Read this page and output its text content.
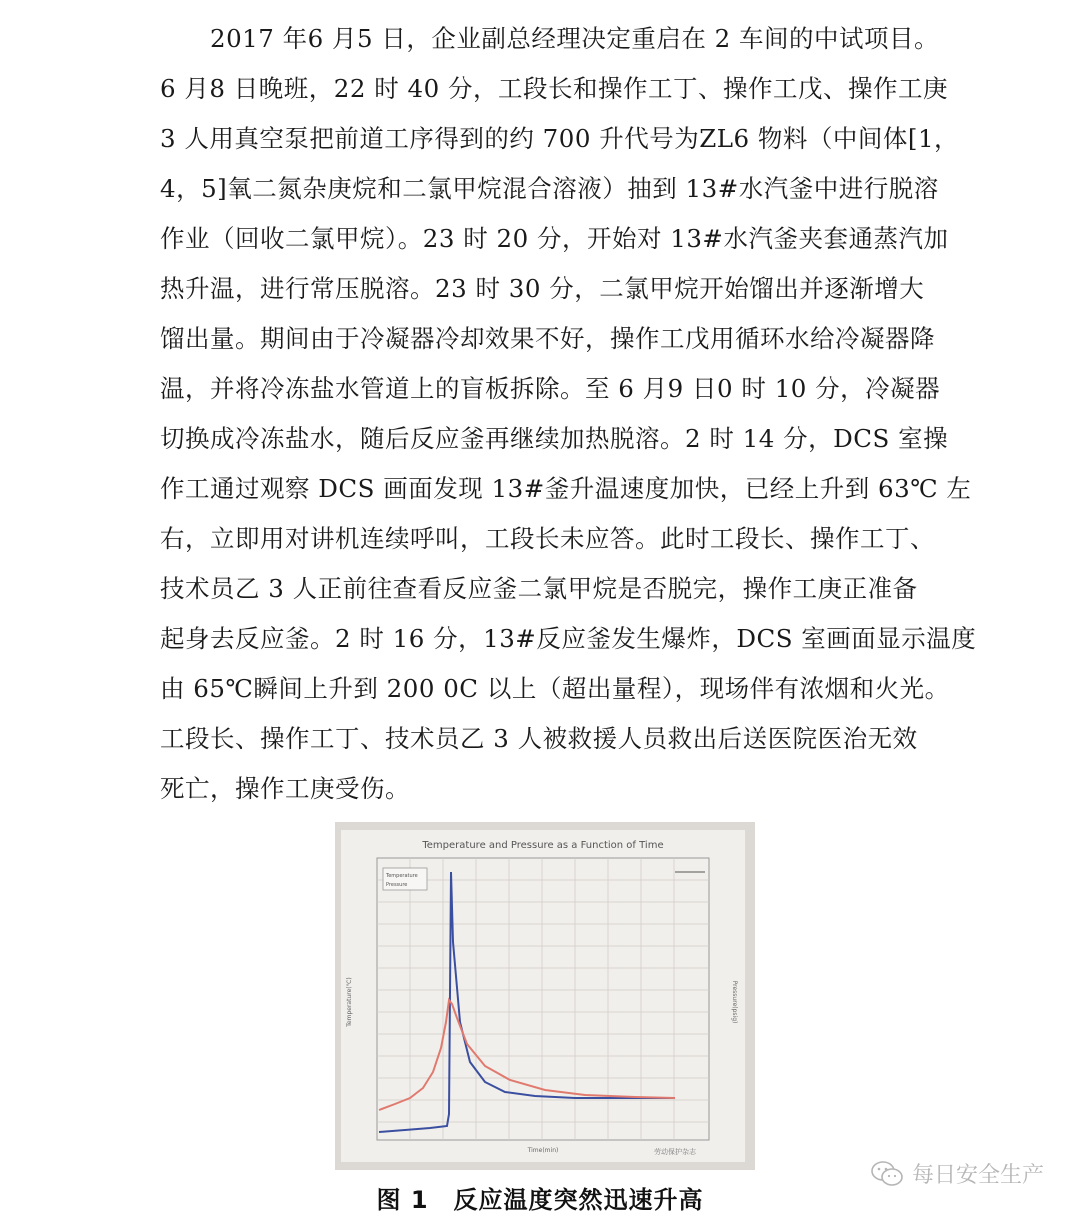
　　2017 年6 月5 日，企业副总经理决定重启在 2 车间的中试项目。
6 月8 日晚班，22 时 40 分，工段长和操作工丁、操作工戊、操作工庚
3 人用真空泵把前道工序得到的约 700 升代号为ZL6 物料（中间体[1，
4，5]氧二氮杂庚烷和二氯甲烷混合溶液）抽到 13#水汽釜中进行脱溶
作业（回收二氯甲烷）。23 时 20 分，开始对 13#水汽釜夹套通蒸汽加
热升温，进行常压脱溶。23 时 30 分，二氯甲烷开始馏出并逐渐增大
馏出量。期间由于冷凝器冷却效果不好，操作工戊用循环水给冷凝器降
温，并将冷冻盐水管道上的盲板拆除。至 6 月9 日0 时 10 分，冷凝器
切换成冷冻盐水，随后反应釜再继续加热脱溶。2 时 14 分，DCS 室操
作工通过观察 DCS 画面发现 13#釜升温速度加快，已经上升到 63℃ 左
右，立即用对讲机连续呼叫，工段长未应答。此时工段长、操作工丁、
技术员乙 3 人正前往查看反应釜二氯甲烷是否脱完，操作工庚正准备
起身去反应釜。2 时 16 分，13#反应釜发生爆炸，DCS 室画面显示温度
由 65℃瞬间上升到 200 0C 以上（超出量程），现场伴有浓烟和火光。
工段长、操作工丁、技术员乙 3 人被救援人员救出后送医院医治无效
死亡，操作工庚受伤。
Temperature and Pressure as a Function of Time
Temperature
Pressure
Temperature(℃)	Pressure(psig)
Time(min)	劳动保护杂志
图 1　反应温度突然迅速升高
每日安全生产
